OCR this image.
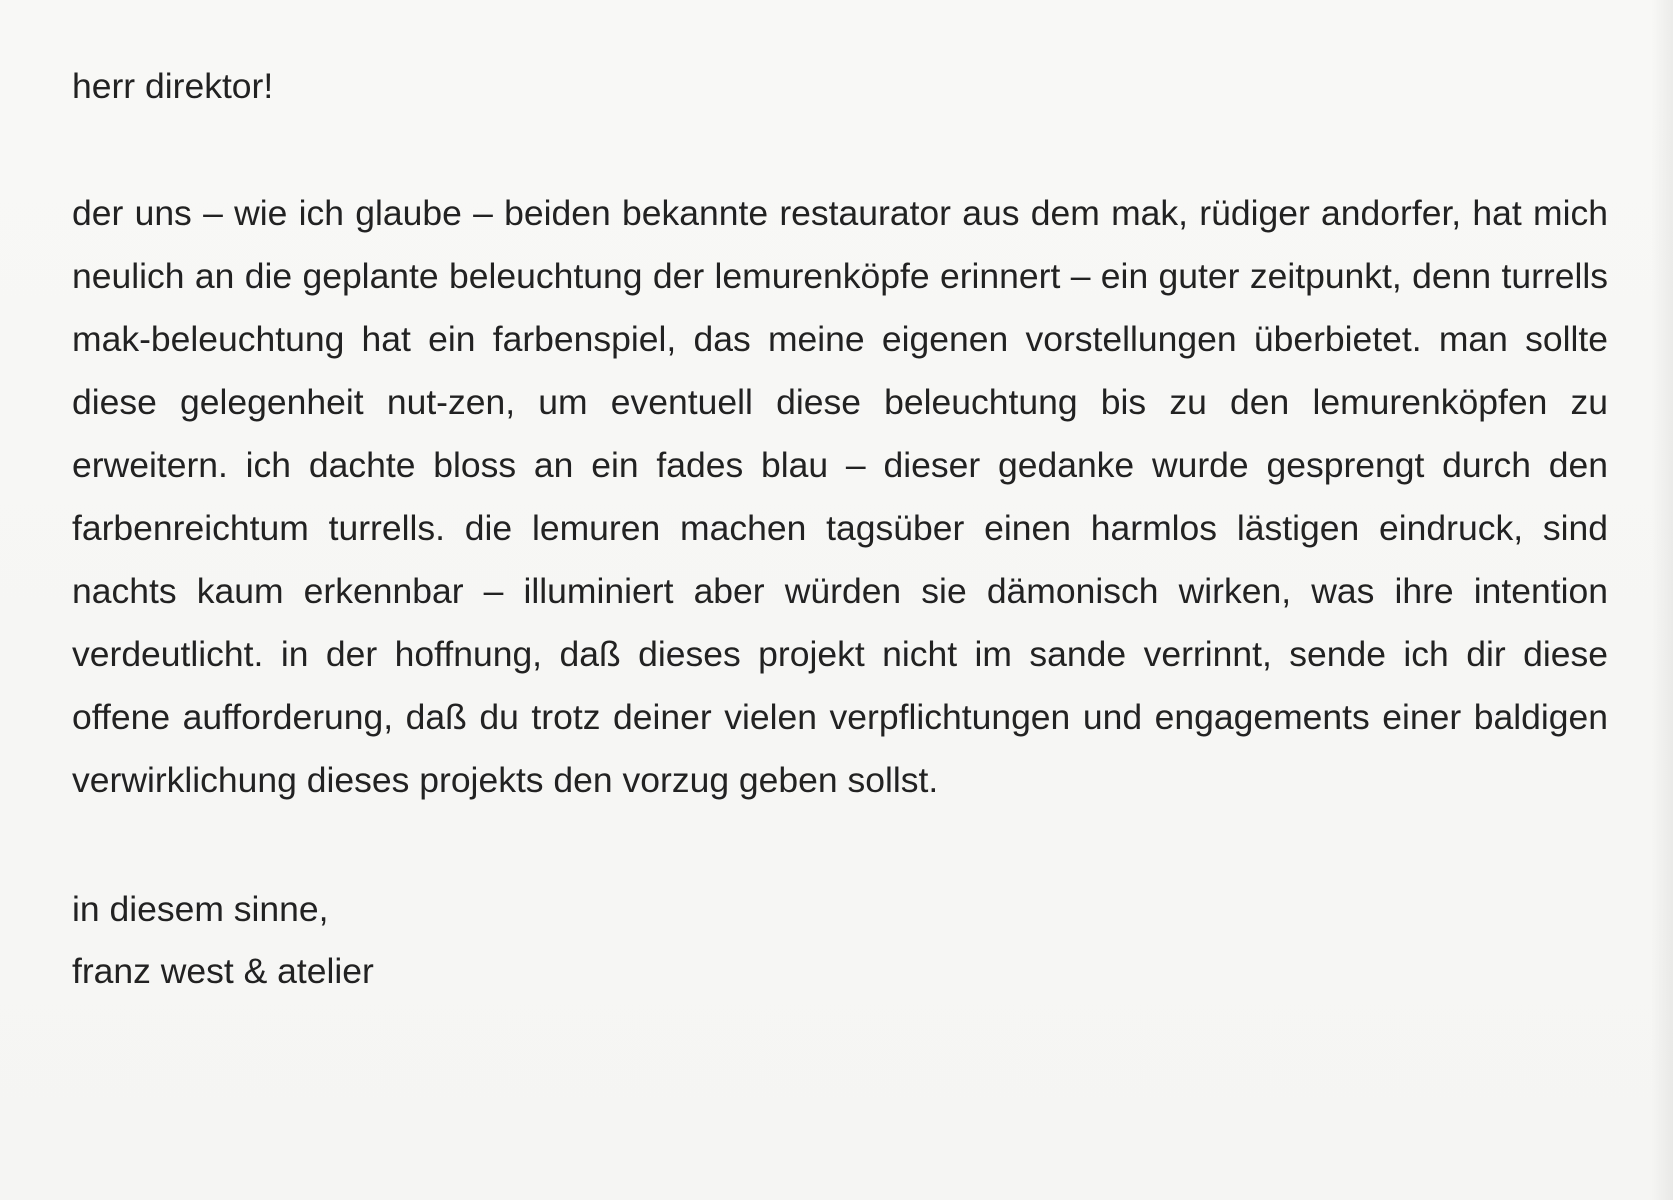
herr direktor!

der uns – wie ich glaube – beiden bekannte restaurator aus dem mak, rüdiger andorfer, hat mich neulich an die geplante beleuchtung der lemurenköpfe erinnert – ein guter zeitpunkt, denn turrells mak-beleuchtung hat ein farbenspiel, das meine eigenen vorstellungen überbietet. man sollte diese gelegenheit nut-zen, um eventuell diese beleuchtung bis zu den lemurenköpfen zu erweitern. ich dachte bloss an ein fades blau – dieser gedanke wurde gesprengt durch den farbenreichtum turrells. die lemuren machen tagsüber einen harmlos lästigen eindruck, sind nachts kaum erkennbar – illuminiert aber würden sie dämonisch wirken, was ihre intention verdeutlicht. in der hoffnung, daß dieses projekt nicht im sande verrinnt, sende ich dir diese offene aufforderung, daß du trotz deiner vielen verpflichtungen und engagements einer baldigen verwirklichung dieses projekts den vorzug geben sollst.

in diesem sinne,
franz west & atelier
